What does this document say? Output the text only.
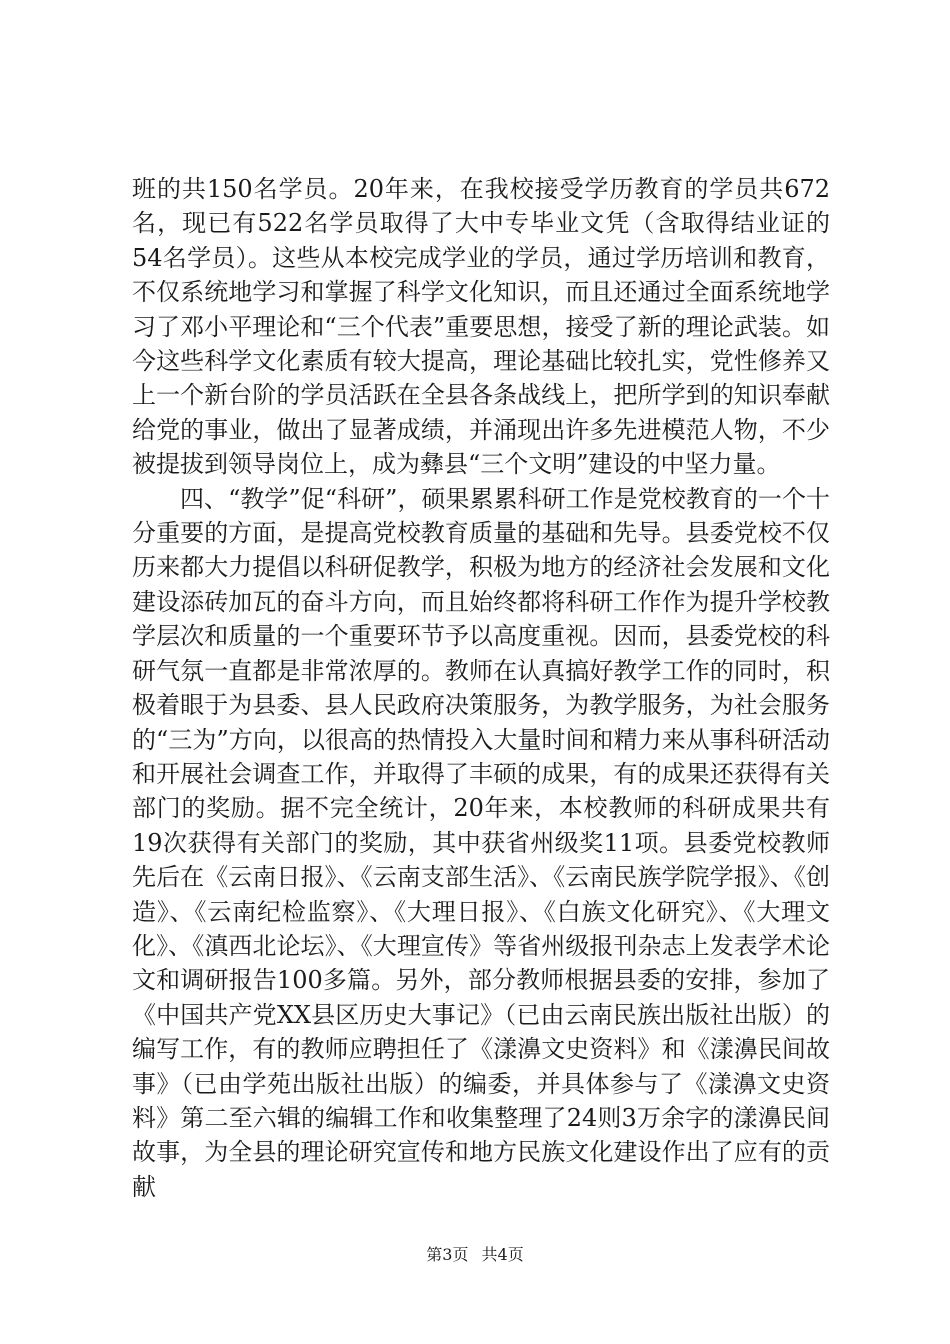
班的共150名学员。20年来，在我校接受学历教育的学员共672名，现已有522名学员取得了大中专毕业文凭（含取得结业证的54名学员）。这些从本校完成学业的学员，通过学历培训和教育，不仅系统地学习和掌握了科学文化知识，而且还通过全面系统地学习了邓小平理论和“三个代表”重要思想，接受了新的理论武装。如今这些科学文化素质有较大提高，理论基础比较扎实，党性修养又上一个新台阶的学员活跃在全县各条战线上，把所学到的知识奉献给党的事业，做出了显著成绩，并涌现出许多先进模范人物，不少被提拔到领导岗位上，成为彝县“三个文明”建设的中坚力量。

四、“教学”促“科研”，硕果累累科研工作是党校教育的一个十分重要的方面，是提高党校教育质量的基础和先导。县委党校不仅历来都大力提倡以科研促教学，积极为地方的经济社会发展和文化建设添砖加瓦的奋斗方向，而且始终都将科研工作作为提升学校教学层次和质量的一个重要环节予以高度重视。因而，县委党校的科研气氛一直都是非常浓厚的。教师在认真搞好教学工作的同时，积极着眼于为县委、县人民政府决策服务，为教学服务，为社会服务的“三为”方向，以很高的热情投入大量时间和精力来从事科研活动和开展社会调查工作，并取得了丰硕的成果，有的成果还获得有关部门的奖励。据不完全统计，20年来，本校教师的科研成果共有19次获得有关部门的奖励，其中获省州级奖11项。县委党校教师先后在《云南日报》、《云南支部生活》、《云南民族学院学报》、《创造》、《云南纪检监察》、《大理日报》、《白族文化研究》、《大理文化》、《滇西北论坛》、《大理宣传》等省州级报刊杂志上发表学术论文和调研报告100多篇。另外，部分教师根据县委的安排，参加了《中国共产党XX县区历史大事记》（已由云南民族出版社出版）的编写工作，有的教师应聘担任了《漾濞文史资料》和《漾濞民间故事》（已由学苑出版社出版）的编委，并具体参与了《漾濞文史资料》第二至六辑的编辑工作和收集整理了24则3万余字的漾濞民间故事，为全县的理论研究宣传和地方民族文化建设作出了应有的贡献

第3页 共4页
